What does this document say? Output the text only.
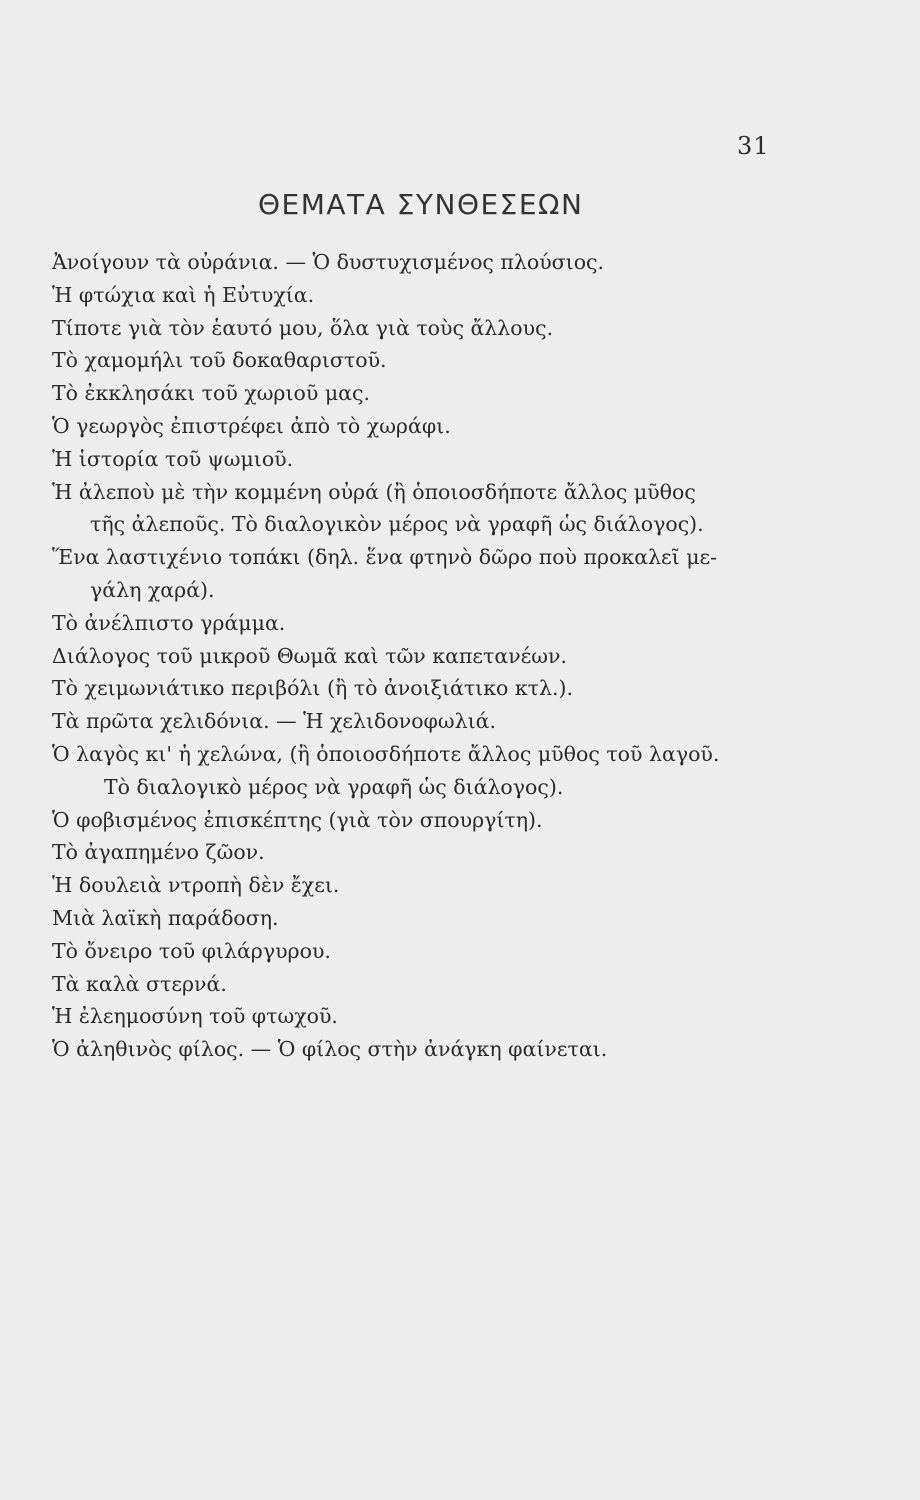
31
ΘΕΜΑΤΑ ΣΥΝΘΕΣΕΩΝ
Ἀνοίγουν τὰ οὐράνια. — Ὁ δυστυχισμένος πλούσιος.
Ἡ φτώχια καὶ ἡ Εὐτυχία.
Τίποτε γιὰ τὸν ἑαυτό μου, ὅλα γιὰ τοὺς ἄλλους.
Τὸ χαμομήλι τοῦ δοκαθαριστοῦ.
Τὸ ἐκκλησάκι τοῦ χωριοῦ μας.
Ὁ γεωργὸς ἐπιστρέφει ἀπὸ τὸ χωράφι.
Ἡ ἱστορία τοῦ ψωμιοῦ.
Ἡ ἀλεποὺ μὲ τὴν κομμένη οὐρά (ἢ ὁποιοσδήποτε ἄλλος μῦθος
τῆς ἀλεποῦς. Τὸ διαλογικὸν μέρος νὰ γραφῆ ὡς διάλογος).
Ἕνα λαστιχένιο τοπάκι (δηλ. ἕνα φτηνὸ δῶρο ποὺ προκαλεῖ με-
γάλη χαρά).
Τὸ ἀνέλπιστο γράμμα.
Διάλογος τοῦ μικροῦ Θωμᾶ καὶ τῶν καπετανέων.
Τὸ χειμωνιάτικο περιβόλι (ἢ τὸ ἀνοιξιάτικο κτλ.).
Τὰ πρῶτα χελιδόνια. — Ἡ χελιδονοφωλιά.
Ὁ λαγὸς κι' ἡ χελώνα, (ἢ ὁποιοσδήποτε ἄλλος μῦθος τοῦ λαγοῦ.
Τὸ διαλογικὸ μέρος νὰ γραφῆ ὡς διάλογος).
Ὁ φοβισμένος ἐπισκέπτης (γιὰ τὸν σπουργίτη).
Τὸ ἀγαπημένο ζῶον.
Ἡ δουλειὰ ντροπὴ δὲν ἔχει.
Μιὰ λαϊκὴ παράδοση.
Τὸ ὄνειρο τοῦ φιλάργυρου.
Τὰ καλὰ στερνά.
Ἡ ἐλεημοσύνη τοῦ φτωχοῦ.
Ὁ ἀληθινὸς φίλος. — Ὁ φίλος στὴν ἀνάγκη φαίνεται.
